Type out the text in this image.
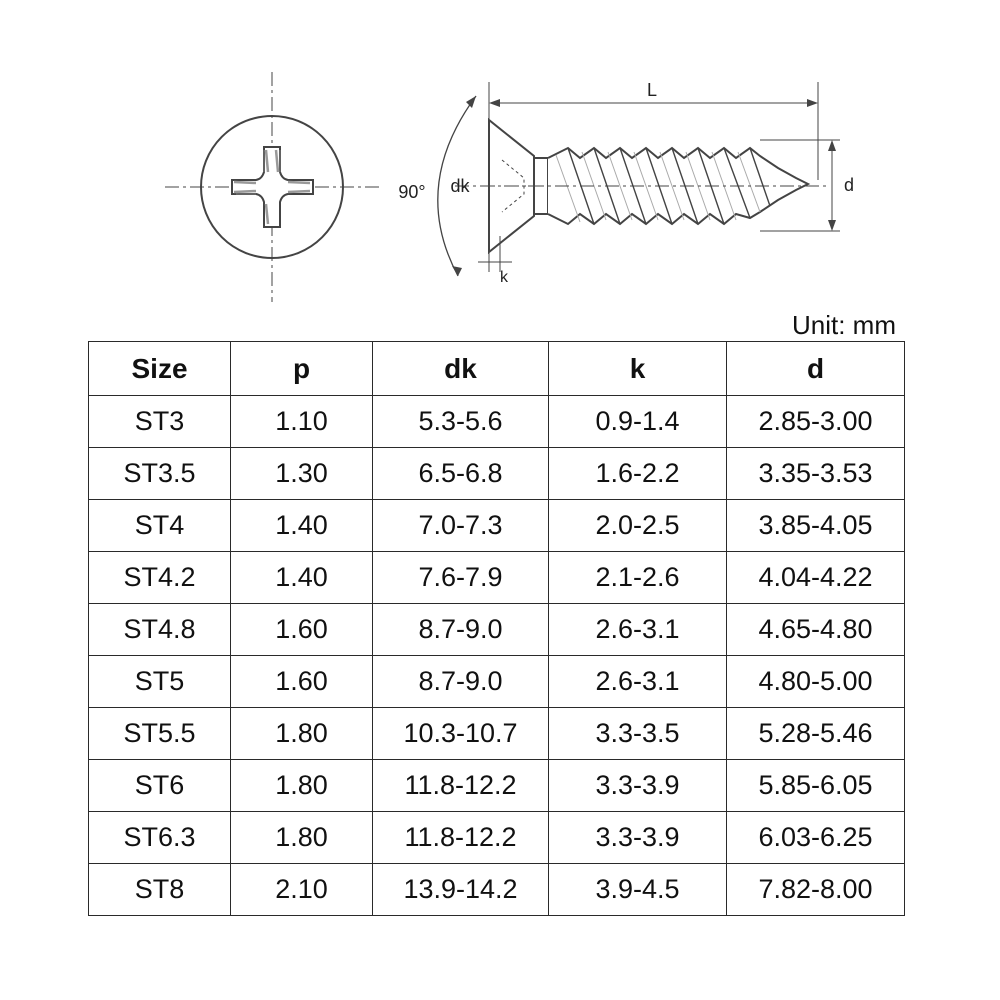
L
90° dk	d
k
Unit: mm
Size	p	dk	k	d
ST3	1.10	5.3-5.6	0.9-1.4	2.85-3.00
ST3.5	1.30	6.5-6.8	1.6-2.2	3.35-3.53
ST4	1.40	7.0-7.3	2.0-2.5	3.85-4.05
ST4.2	1.40	7.6-7.9	2.1-2.6	4.04-4.22
ST4.8	1.60	8.7-9.0	2.6-3.1	4.65-4.80
ST5	1.60	8.7-9.0	2.6-3.1	4.80-5.00
ST5.5	1.80	10.3-10.7	3.3-3.5	5.28-5.46
ST6	1.80	11.8-12.2	3.3-3.9	5.85-6.05
ST6.3	1.80	11.8-12.2	3.3-3.9	6.03-6.25
ST8	2.10	13.9-14.2	3.9-4.5	7.82-8.00
